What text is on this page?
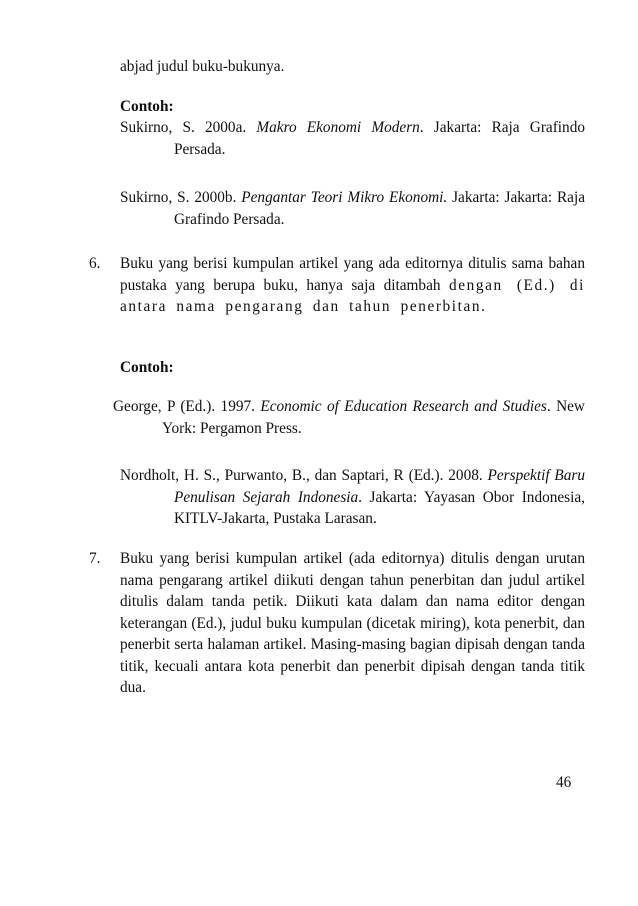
abjad judul buku-bukunya.
Contoh:
Sukirno, S. 2000a. Makro Ekonomi Modern. Jakarta: Raja Grafindo Persada.
Sukirno, S. 2000b. Pengantar Teori Mikro Ekonomi. Jakarta: Jakarta: Raja Grafindo Persada.
6. Buku yang berisi kumpulan artikel yang ada editornya ditulis sama bahan pustaka yang berupa buku, hanya saja ditambah dengan (Ed.) di antara nama pengarang dan tahun penerbitan.
Contoh:
George, P (Ed.). 1997. Economic of Education Research and Studies. New York: Pergamon Press.
Nordholt, H. S., Purwanto, B., dan Saptari, R (Ed.). 2008. Perspektif Baru Penulisan Sejarah Indonesia. Jakarta: Yayasan Obor Indonesia, KITLV-Jakarta, Pustaka Larasan.
7. Buku yang berisi kumpulan artikel (ada editornya) ditulis dengan urutan nama pengarang artikel diikuti dengan tahun penerbitan dan judul artikel ditulis dalam tanda petik. Diikuti kata dalam dan nama editor dengan keterangan (Ed.), judul buku kumpulan (dicetak miring), kota penerbit, dan penerbit serta halaman artikel. Masing-masing bagian dipisah dengan tanda titik, kecuali antara kota penerbit dan penerbit dipisah dengan tanda titik dua.
46
